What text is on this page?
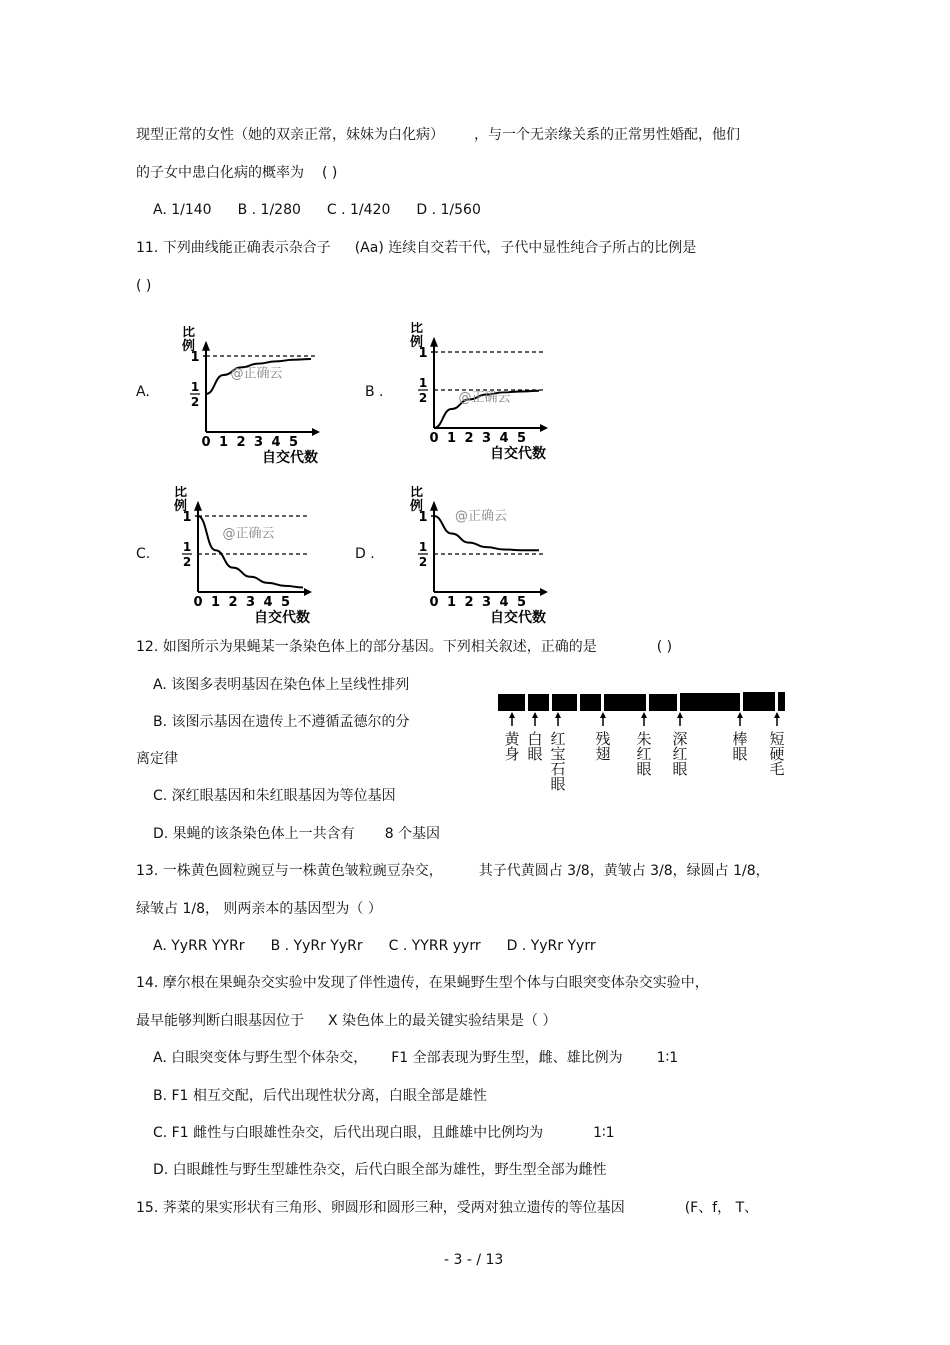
现型正常的女性（她的双亲正常，妹妹为白化病） ，与一个无亲缘关系的正常男性婚配，他们
的子女中患白化病的概率为 ( )
A. 1/140 B . 1/280 C . 1/420 D . 1/560
11. 下列曲线能正确表示杂合子 (Aa) 连续自交若干代，子代中显性纯合子所占的比例是
( )
A.	B .
C.	D .
比例
1
1
2
0 1 2 3 4 5
自交代数
@正确云
比例
1
1
2
0 1 2 3 4 5
自交代数
@正确云
比例
1
1
2
0 1 2 3 4 5
自交代数
@正确云
比例
1
1
2
0 1 2 3 4 5
自交代数
@正确云
12. 如图所示为果蝇某一条染色体上的部分基因。下列相关叙述，正确的是	( )
A. 该图多表明基因在染色体上呈线性排列
B. 该图示基因在遗传上不遵循孟德尔的分
离定律
C. 深红眼基因和朱红眼基因为等位基因
D. 果蝇的该条染色体上一共含有 8 个基因
黄身
白眼
红宝石眼
残翅
朱红眼
深红眼
棒眼
短硬毛
13. 一株黄色圆粒豌豆与一株黄色皱粒豌豆杂交，	其子代黄圆占 3/8，黄皱占 3/8，绿圆占 1/8，
绿皱占 1/8， 则两亲本的基因型为（ ）
A. YyRR YYRr B . YyRr YyRr C . YYRR yyrr D . YyRr Yyrr
14. 摩尔根在果蝇杂交实验中发现了伴性遗传，在果蝇野生型个体与白眼突变体杂交实验中，
最早能够判断白眼基因位于 X 染色体上的最关键实验结果是（ ）
A. 白眼突变体与野生型个体杂交， F1 全部表现为野生型，雌、雄比例为 1∶1
B. F1 相互交配，后代出现性状分离，白眼全部是雄性
C. F1 雌性与白眼雄性杂交，后代出现白眼，且雌雄中比例均为	1∶1
D. 白眼雌性与野生型雄性杂交，后代白眼全部为雄性，野生型全部为雌性
15. 荠菜的果实形状有三角形、卵圆形和圆形三种，受两对独立遗传的等位基因	(F、f， T、
- 3 - / 13
